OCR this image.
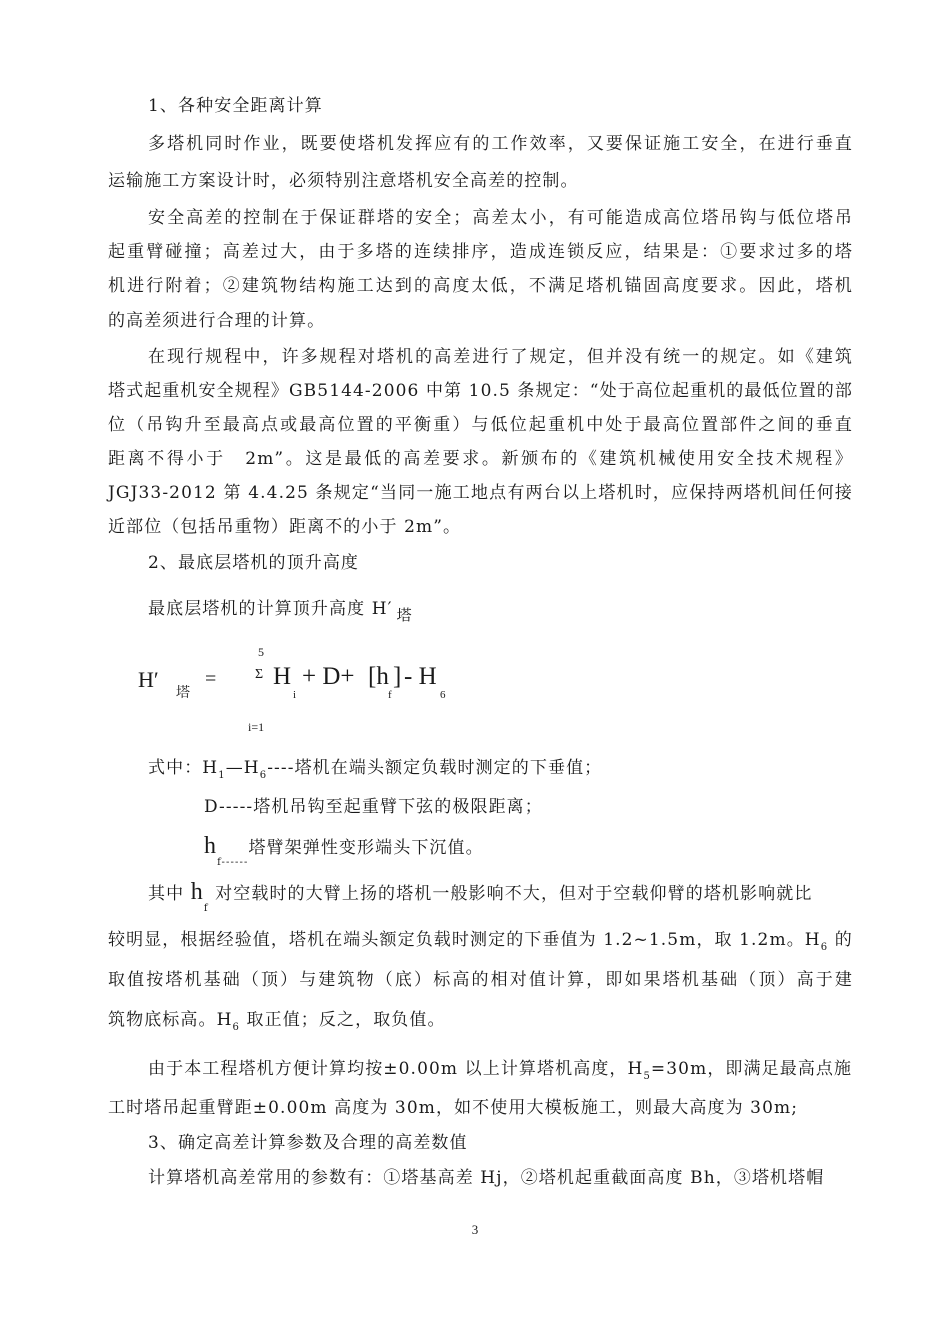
1、各种安全距离计算
多塔机同时作业，既要使塔机发挥应有的工作效率，又要保证施工安全，在进行垂直
运输施工方案设计时，必须特别注意塔机安全高差的控制。
安全高差的控制在于保证群塔的安全；高差太小，有可能造成高位塔吊钩与低位塔吊
起重臂碰撞；高差过大，由于多塔的连续排序，造成连锁反应，结果是：①要求过多的塔
机进行附着；②建筑物结构施工达到的高度太低，不满足塔机锚固高度要求。因此，塔机
的高差须进行合理的计算。
在现行规程中，许多规程对塔机的高差进行了规定，但并没有统一的规定。如《建筑
塔式起重机安全规程》GB5144-2006 中第 10.5 条规定：“处于高位起重机的最低位置的部
位（吊钩升至最高点或最高位置的平衡重）与低位起重机中处于最高位置部件之间的垂直
距离不得小于　2m”。这是最低的高差要求。新颁布的《建筑机械使用安全技术规程》
JGJ33-2012 第 4.4.25 条规定“当同一施工地点有两台以上塔机时，应保持两塔机间任何接
近部位（包括吊重物）距离不的小于 2m”。
2、最底层塔机的顶升高度
最底层塔机的计算顶升高度 H′ 塔
H′
塔
=
5
Σ
i=1
H
i
+ D+ [h
f
] - H
6
式中：$H_1—H_6----$塔机在端头额定负载时测定的下垂值；
D-----塔机吊钩至起重臂下弦的极限距离；
$h_{f------}$塔臂架弹性变形端头下沉值。
其中 $h_f$ 对空载时的大臂上扬的塔机一般影响不大，但对于空载仰臂的塔机影响就比
较明显，根据经验值，塔机在端头额定负载时测定的下垂值为 1.2~1.5m，取 1.2m。$H_6$ 的
取值按塔机基础（顶）与建筑物（底）标高的相对值计算，即如果塔机基础（顶）高于建
筑物底标高。$H_6$ 取正值；反之，取负值。
由于本工程塔机方便计算均按±0.00m 以上计算塔机高度，$H_5=30m$，即满足最高点施
工时塔吊起重臂距±0.00m 高度为 30m，如不使用大模板施工，则最大高度为 30m;
3、确定高差计算参数及合理的高差数值
计算塔机高差常用的参数有：①塔基高差 Hj，②塔机起重截面高度 Bh，③塔机塔帽
3
